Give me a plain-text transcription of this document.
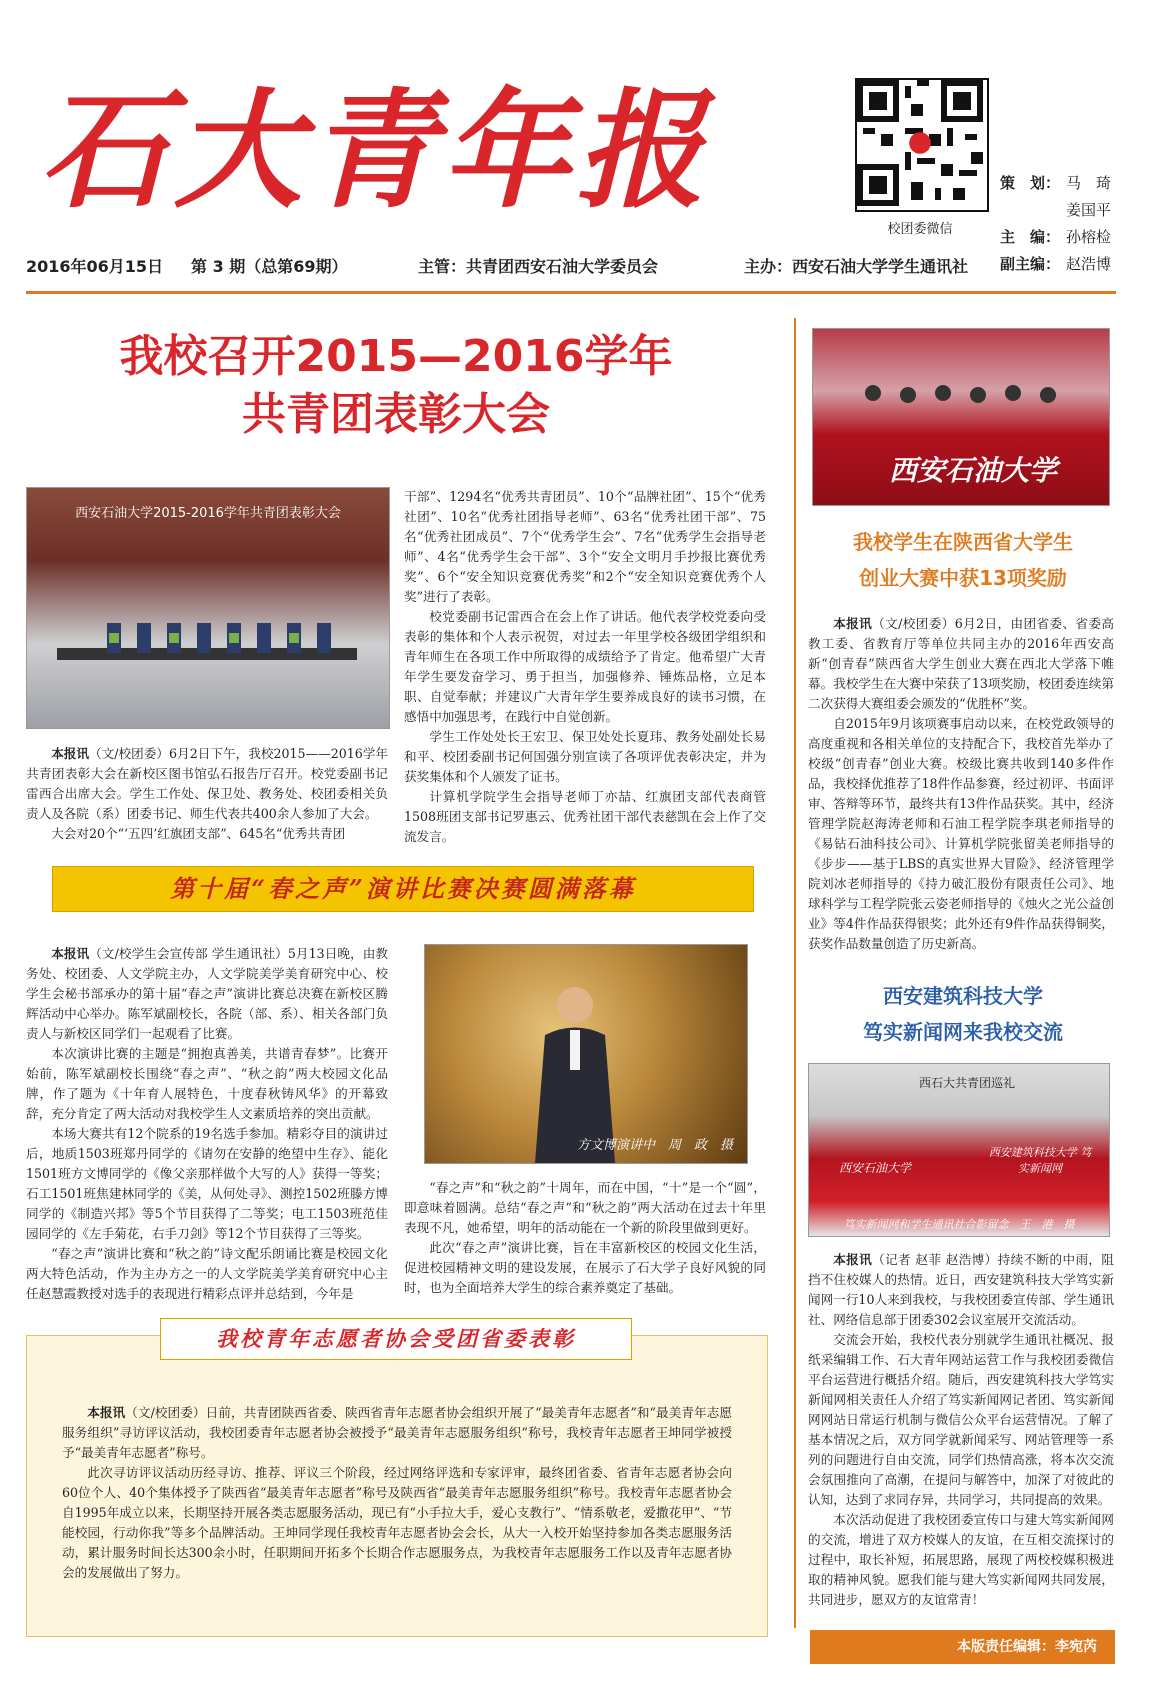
石大青年报
校团委微信
策　划： 马　琦
姜国平
主　编： 孙榕检
副主编： 赵浩博
2016年06月15日 第 3 期（总第69期）	主管：共青团西安石油大学委员会	主办：西安石油大学学生通讯社
我校召开2015—2016学年
共青团表彰大会
西安石油大学2015-2016学年共青团表彰大会

本报讯（文/校团委）6月2日下午，我校2015——2016学年共青团表彰大会在新校区图书馆弘石报告厅召开。校党委副书记雷西合出席大会。学生工作处、保卫处、教务处、校团委相关负责人及各院（系）团委书记、师生代表共400余人参加了大会。

大会对20个“‘五四’红旗团支部”、645名“优秀共青团

干部”、1294名“优秀共青团员”、10个“品牌社团”、15个“优秀社团”、10名“优秀社团指导老师”、63名“优秀社团干部”、75名“优秀社团成员”、7个“优秀学生会”、7名“优秀学生会指导老师”、4名“优秀学生会干部”、3个“安全文明月手抄报比赛优秀奖”、6个“安全知识竞赛优秀奖”和2个“安全知识竞赛优秀个人奖”进行了表彰。

校党委副书记雷西合在会上作了讲话。他代表学校党委向受表彰的集体和个人表示祝贺，对过去一年里学校各级团学组织和青年师生在各项工作中所取得的成绩给予了肯定。他希望广大青年学生要发奋学习、勇于担当，加强修养、锤炼品格，立足本职、自觉奉献；并建议广大青年学生要养成良好的读书习惯，在感悟中加强思考，在践行中自觉创新。

学生工作处处长王宏卫、保卫处处长夏玮、教务处副处长易和平、校团委副书记何国强分别宣读了各项评优表彰决定，并为获奖集体和个人颁发了证书。

计算机学院学生会指导老师丁亦喆、红旗团支部代表商管1508班团支部书记罗惠云、优秀社团干部代表慈凯在会上作了交流发言。

第十届“春之声”演讲比赛决赛圆满落幕

本报讯（文/校学生会宣传部 学生通讯社）5月13日晚，由教务处、校团委、人文学院主办，人文学院美学美育研究中心、校学生会秘书部承办的第十届“春之声”演讲比赛总决赛在新校区腾辉活动中心举办。陈军斌副校长，各院（部、系）、相关各部门负责人与新校区同学们一起观看了比赛。

本次演讲比赛的主题是“拥抱真善美，共谱青春梦”。比赛开始前，陈军斌副校长围绕“春之声”、“秋之韵”两大校园文化品牌，作了题为《十年育人展特色，十度春秋铸风华》的开幕致辞，充分肯定了两大活动对我校学生人文素质培养的突出贡献。

本场大赛共有12个院系的19名选手参加。精彩夺目的演讲过后，地质1503班郑丹同学的《请勿在安静的绝望中生存》、能化1501班方文博同学的《像父亲那样做个大写的人》获得一等奖；石工1501班焦建林同学的《美，从何处寻》、测控1502班滕方博同学的《制造兴邦》等5个节目获得了二等奖；电工1503班范佳园同学的《左手菊花，右手刀剑》等12个节目获得了三等奖。

“春之声”演讲比赛和“秋之韵”诗文配乐朗诵比赛是校园文化两大特色活动，作为主办方之一的人文学院美学美育研究中心主任赵慧霞教授对选手的表现进行精彩点评并总结到，今年是

方文博演讲中　周　政　摄

“春之声”和“秋之韵”十周年，而在中国，“十”是一个“圆”，即意味着圆满。总结“春之声”和“秋之韵”两大活动在过去十年里表现不凡，她希望，明年的活动能在一个新的阶段里做到更好。

此次“春之声”演讲比赛，旨在丰富新校区的校园文化生活，促进校园精神文明的建设发展，在展示了石大学子良好风貌的同时，也为全面培养大学生的综合素养奠定了基础。

我校青年志愿者协会受团省委表彰

本报讯（文/校团委）日前，共青团陕西省委、陕西省青年志愿者协会组织开展了“最美青年志愿者”和“最美青年志愿服务组织”寻访评议活动，我校团委青年志愿者协会被授予“最美青年志愿服务组织”称号，我校青年志愿者王坤同学被授予“最美青年志愿者”称号。

此次寻访评议活动历经寻访、推荐、评议三个阶段，经过网络评选和专家评审，最终团省委、省青年志愿者协会向60位个人、40个集体授予了陕西省“最美青年志愿者”称号及陕西省“最美青年志愿服务组织”称号。我校青年志愿者协会自1995年成立以来，长期坚持开展各类志愿服务活动，现已有“小手拉大手，爱心支教行”、“情系敬老，爱撒花甲”、“节能校园，行动你我”等多个品牌活动。王坤同学现任我校青年志愿者协会会长，从大一入校开始坚持参加各类志愿服务活动，累计服务时间长达300余小时，任职期间开拓多个长期合作志愿服务点，为我校青年志愿服务工作以及青年志愿者协会的发展做出了努力。

西安石油大学
我校学生在陕西省大学生
创业大赛中获13项奖励

本报讯（文/校团委）6月2日，由团省委、省委高教工委、省教育厅等单位共同主办的2016年西安高新“创青春”陕西省大学生创业大赛在西北大学落下帷幕。我校学生在大赛中荣获了13项奖励，校团委连续第二次获得大赛组委会颁发的“优胜杯”奖。

自2015年9月该项赛事启动以来，在校党政领导的高度重视和各相关单位的支持配合下，我校首先举办了校级“创青春”创业大赛。校级比赛共收到140多件作品，我校择优推荐了18件作品参赛，经过初评、书面评审、答辩等环节，最终共有13件作品获奖。其中，经济管理学院赵海涛老师和石油工程学院李琪老师指导的《易钻石油科技公司》、计算机学院张留美老师指导的《步步——基于LBS的真实世界大冒险》、经济管理学院刘冰老师指导的《持力破汇股份有限责任公司》、地球科学与工程学院张云姿老师指导的《烛火之光公益创业》等4件作品获得银奖；此外还有9件作品获得铜奖，获奖作品数量创造了历史新高。

西安建筑科技大学
笃实新闻网来我校交流
西石大共青团巡礼
西安石油大学
西安建筑科技大学 笃实新闻网
笃实新闻网和学生通讯社合影留念　王　港　摄

本报讯（记者 赵菲 赵浩博）持续不断的中雨，阻挡不住校媒人的热情。近日，西安建筑科技大学笃实新闻网一行10人来到我校，与我校团委宣传部、学生通讯社、网络信息部于团委302会议室展开交流活动。

交流会开始，我校代表分别就学生通讯社概况、报纸采编辑工作、石大青年网站运营工作与我校团委微信平台运营进行概括介绍。随后，西安建筑科技大学笃实新闻网相关责任人介绍了笃实新闻网记者团、笃实新闻网网站日常运行机制与微信公众平台运营情况。了解了基本情况之后，双方同学就新闻采写、网站管理等一系列的问题进行自由交流，同学们热情高涨，将本次交流会氛围推向了高潮，在提问与解答中，加深了对彼此的认知，达到了求同存异，共同学习，共同提高的效果。

本次活动促进了我校团委宣传口与建大笃实新闻网的交流，增进了双方校媒人的友谊，在互相交流探讨的过程中，取长补短，拓展思路，展现了两校校媒积极进取的精神风貌。愿我们能与建大笃实新闻网共同发展，共同进步，愿双方的友谊常青！

本版责任编辑：李宛芮
